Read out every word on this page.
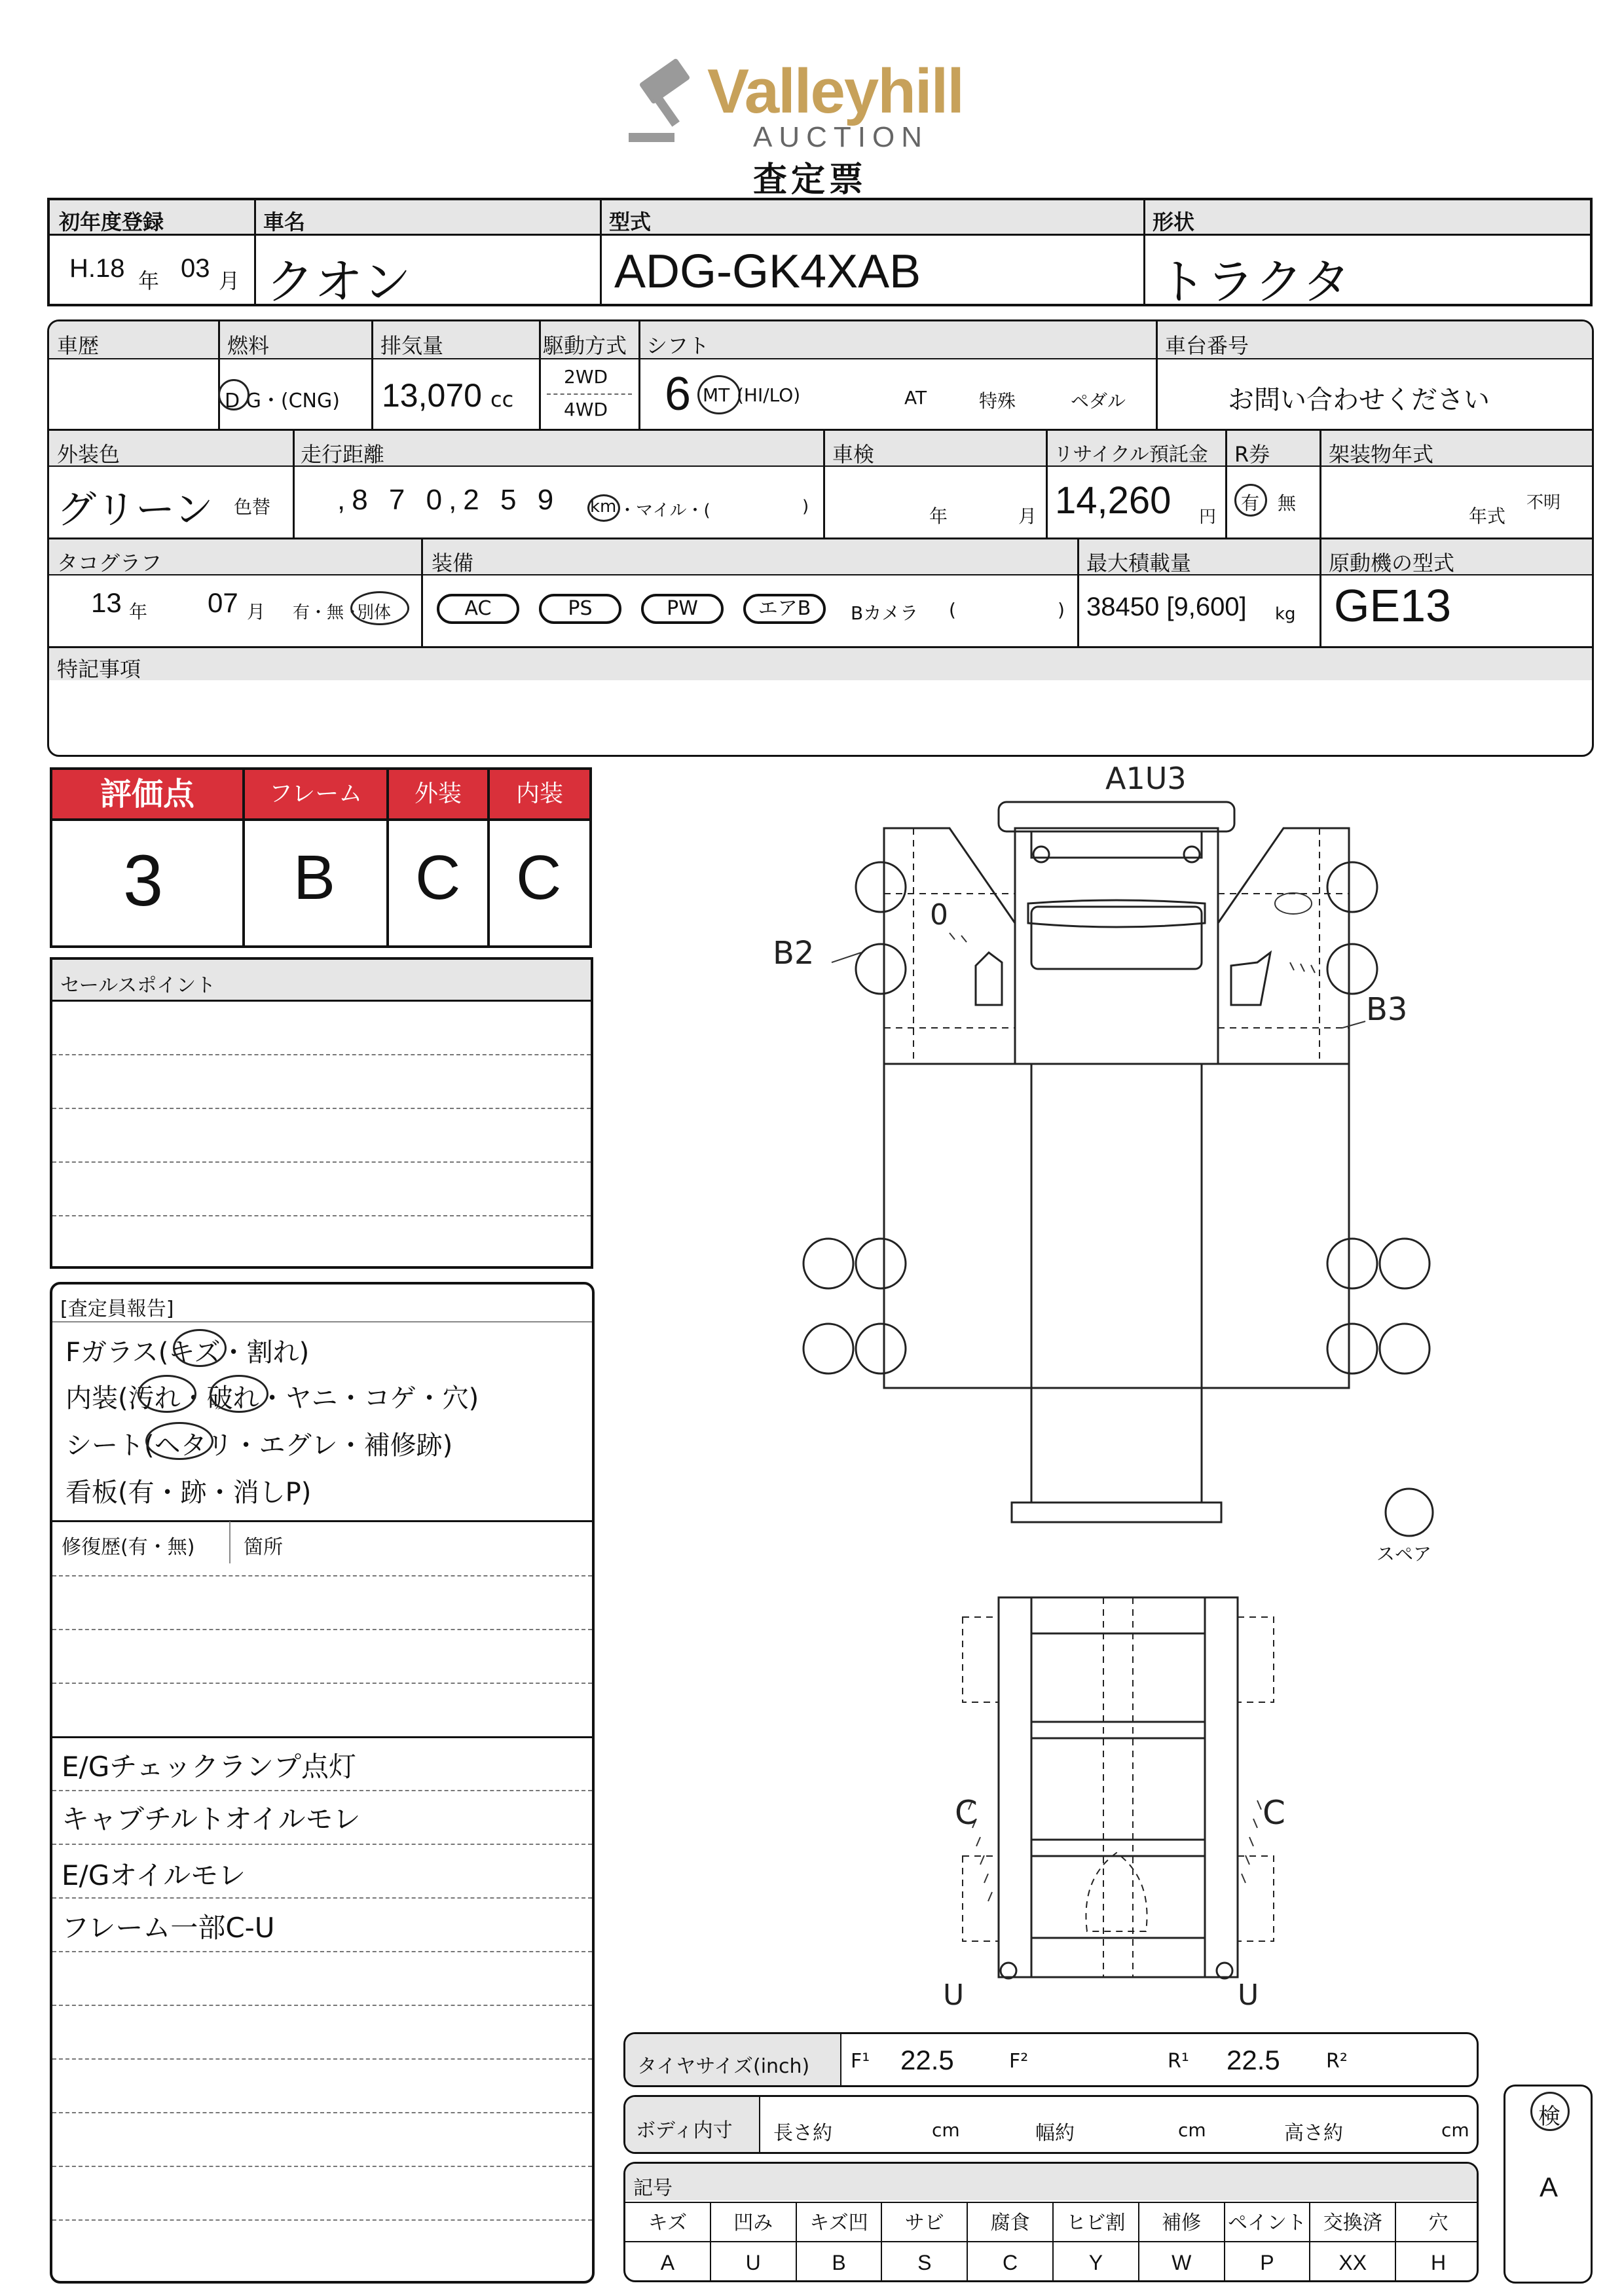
Valleyhill
AUCTION
査定票
初年度登録
H.18 年 03 月
車名
クオン
型式
ADG-GK4XAB
形状
トラクタ
車歴	燃料
D G・(CNG)
排気量
13,070 cc
駆動方式
2WD
4WD
シフト
6 MT (HI/LO)	AT	特殊	ペダル
車台番号
お問い合わせください
外装色
グリーン 色替
走行距離
,8 7 0,2 5 9 km ・マイル・(	)
車検
年	月
リサイクル預託金
14,260 円
R券
有 無
架装物年式
年式
不明
タコグラフ
13 年 07 月 有・無・
別体
装備
AC	PS	PW	エアB	Bカメラ (	)
最大積載量
38450 [9,600] kg
原動機の型式
GE13
特記事項
評価点	フレーム	外装	内装
3 B C C
セールスポイント
[査定員報告]
Fガラス(キズ・割れ)
内装(汚れ・破れ・ヤニ・コゲ・穴)
シート(ヘタリ・エグレ・補修跡)
看板(有・跡・消しP)
修復歴(有・無) 箇所
E/Gチェックランプ点灯
キャブチルトオイルモレ
E/Gオイルモレ
フレーム一部C-U
A1U3
B2
0
B3
スペア
C	C
U	U
タイヤサイズ(inch) F¹ 22.5	F²	R¹ 22.5 R²
ボディ内寸 長さ約	cm	幅約	cm	高さ約	cm
記号
キズ
A
凹み
U
キズ凹
B
サビ
S
腐食
C
ヒビ割
Y
補修
W
ペイント
P
交換済
XX
穴
H
検
A
